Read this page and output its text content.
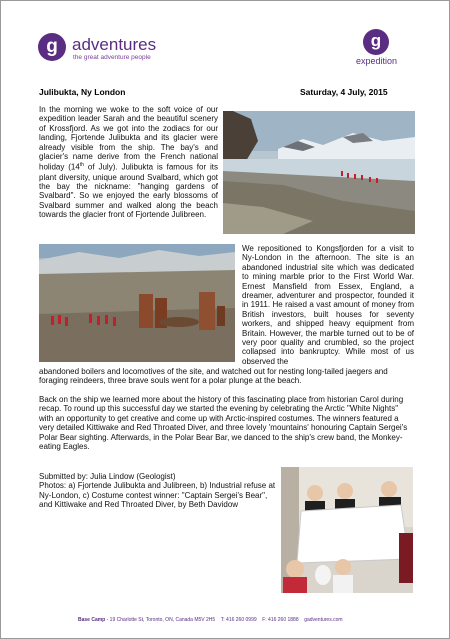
g adventures
the great adventure people
g
expedition
Julibukta, Ny London	Saturday, 4 July, 2015

In the morning we woke to the soft voice of our expedition leader Sarah and the beautiful scenery of Krossfjord. As we got into the zodiacs for our landing, Fjortende Julibukta and its glacier were already visible from the ship. The bay's and glacier's name derive from the French national holiday (14th of July). Julibukta is famous for its plant diversity, unique around Svalbard, which got the bay the nickname: "hanging gardens of Svalbard". So we enjoyed the early blossoms of Svalbard summer and walked along the beach towards the glacier front of Fjortende Julibreen.

We repositioned to Kongsfjorden for a visit to Ny-London in the afternoon. The site is an abandoned industrial site which was dedicated to mining marble prior to the First World War. Ernest Mansfield from Essex, England, a dreamer, adventurer and prospector, founded it in 1911. He raised a vast amount of money from British investors, built houses for seventy workers, and shipped heavy equipment from Britain. However, the marble turned out to be of very poor quality and crumbled, so the project collapsed into bankruptcy. While most of us observed the

abandoned boilers and locomotives of the site, and watched out for nesting long-tailed jaegers and foraging reindeers, three brave souls went for a polar plunge at the beach.

Back on the ship we learned more about the history of this fascinating place from historian Carol during recap. To round up this successful day we started the evening by celebrating the Arctic "White Nights" with an opportunity to get creative and come up with Arctic-inspired costumes. The winners featured a very detailed Kittiwake and Red Throated Diver, and three lovely 'mountains' honouring Captain Sergei's Polar Bear sighting. Afterwards, in the Polar Bear Bar, we danced to the ship's crew band, the Monkey-eating Eagles.

Submitted by: Julia Lindow (Geologist)
Photos: a) Fjortende Julibukta and Julibreen, b) Industrial refuse at Ny-London, c) Costume contest winner: "Captain Sergei's Bear", and Kittiwake and Red Throated Diver, by Beth Davidow
Base Camp - 19 Charlotte St, Toronto, ON, Canada M5V 2H5 T: 416 260 0999 F: 416 260 1888 gadventures.com
